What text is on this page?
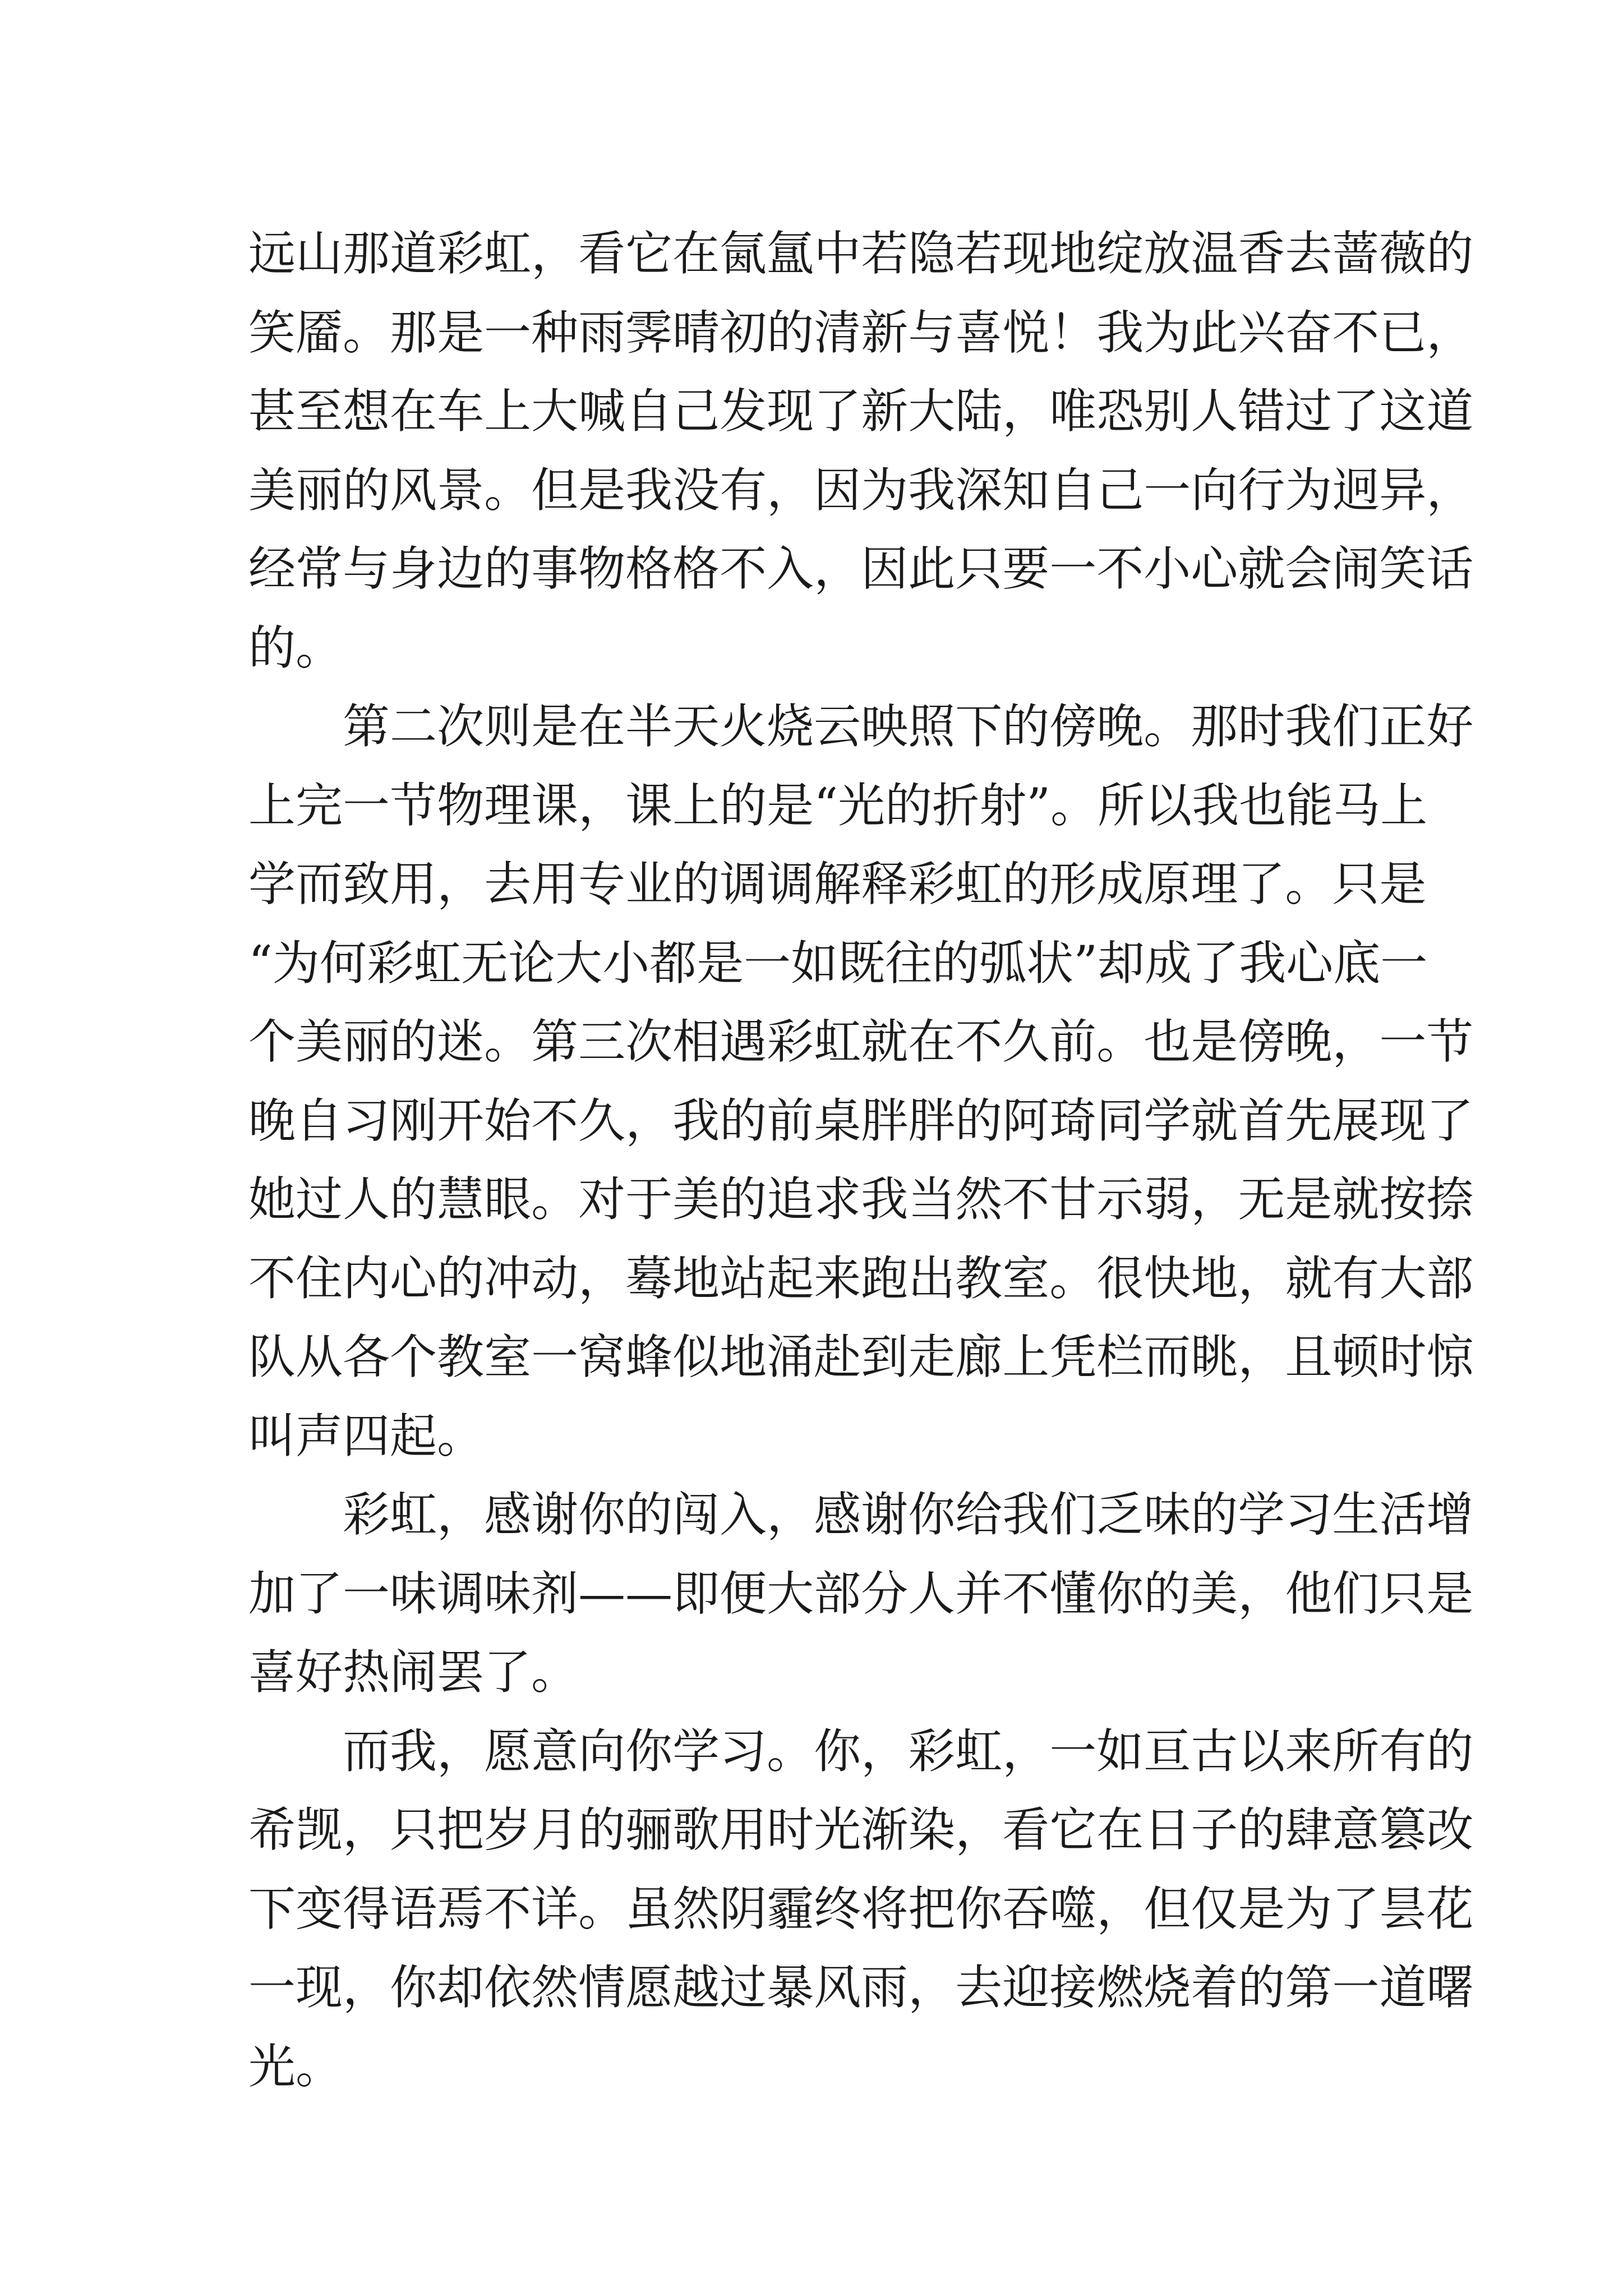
远 山 那 道 彩 虹 ， 看 它 在 氤 氲 中 若 隐 若 现 地 绽 放 温 香 去 蔷 薇 的
笑 靥 。 那 是 一 种 雨 霁 晴 初 的 清 新 与 喜 悦 ！ 我 为 此 兴 奋 不 已 ，
甚 至 想 在 车 上 大 喊 自 己 发 现 了 新 大 陆 ， 唯 恐 别 人 错 过 了 这 道
美 丽 的 风 景 。 但 是 我 没 有 ， 因 为 我 深 知 自 己 一 向 行 为 迥 异 ，
经 常 与 身 边 的 事 物 格 格 不 入 ， 因 此 只 要 一 不 小 心 就 会 闹 笑 话
的。
第 二 次 则 是 在 半 天 火 烧 云 映 照 下 的 傍 晚 。 那 时 我 们 正 好
上 完 一 节 物 理 课 ， 课 上 的 是 “ 光 的 折 射 ” 。 所 以 我 也 能 马 上
学 而 致 用 ， 去 用 专 业 的 调 调 解 释 彩 虹 的 形 成 原 理 了 。 只 是
“ 为 何 彩 虹 无 论 大 小 都 是 一 如 既 往 的 弧 状 ” 却 成 了 我 心 底 一
个 美 丽 的 迷 。 第 三 次 相 遇 彩 虹 就 在 不 久 前 。 也 是 傍 晚 ， 一 节
晚 自 习 刚 开 始 不 久 ， 我 的 前 桌 胖 胖 的 阿 琦 同 学 就 首 先 展 现 了
她 过 人 的 慧 眼 。 对 于 美 的 追 求 我 当 然 不 甘 示 弱 ， 无 是 就 按 捺
不 住 内 心 的 冲 动 ， 蓦 地 站 起 来 跑 出 教 室 。 很 快 地 ， 就 有 大 部
队 从 各 个 教 室 一 窝 蜂 似 地 涌 赴 到 走 廊 上 凭 栏 而 眺 ， 且 顿 时 惊
叫声四起。
彩 虹 ， 感 谢 你 的 闯 入 ， 感 谢 你 给 我 们 乏 味 的 学 习 生 活 增
加 了 一 味 调 味 剂 — — 即 便 大 部 分 人 并 不 懂 你 的 美 ， 他 们 只 是
喜好热闹罢了。
而 我 ， 愿 意 向 你 学 习 。 你 ， 彩 虹 ， 一 如 亘 古 以 来 所 有 的
希 觊 ， 只 把 岁 月 的 骊 歌 用 时 光 渐 染 ， 看 它 在 日 子 的 肆 意 篡 改
下 变 得 语 焉 不 详 。 虽 然 阴 霾 终 将 把 你 吞 噬 ， 但 仅 是 为 了 昙 花
一 现 ， 你 却 依 然 情 愿 越 过 暴 风 雨 ， 去 迎 接 燃 烧 着 的 第 一 道 曙
光。
